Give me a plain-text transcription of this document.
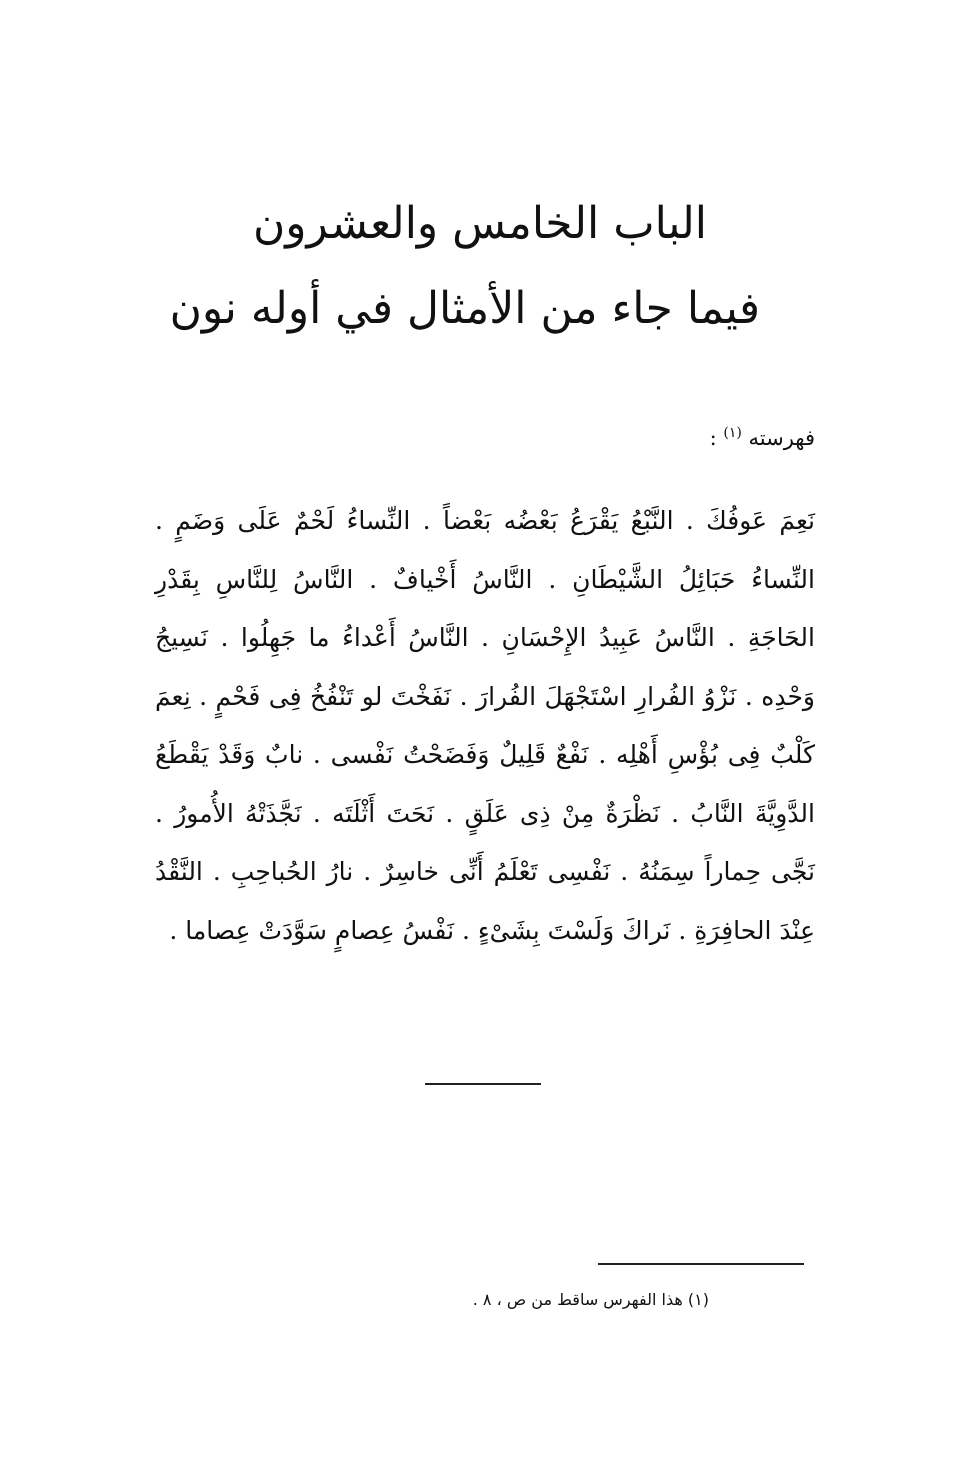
الباب الخامس والعشرون
فيما جاء من الأمثال في أوله نون
فهرسته $^{(١)}$ :

نَعِمَ عَوفُكَ . النَّبْعُ يَقْرَعُ بَعْضُه بَعْضاً . النِّساءُ لَحْمٌ عَلَى وَضَمٍ . النِّساءُ حَبَائِلُ الشَّيْطَانِ . النَّاسُ أَخْيافٌ . النَّاسُ لِلنَّاسِ بِقَدْرِ الحَاجَةِ . النَّاسُ عَبِيدُ الإِحْسَانِ . النَّاسُ أَعْداءُ ما جَهِلُوا . نَسِيجُ وَحْدِه . نَزْوُ الفُرارِ اسْتَجْهَلَ الفُرارَ . نَفَخْتَ لو تَنْفُخُ فِى فَحْمٍ . نِعمَ كَلْبٌ فِى بُؤْسِ أَهْلِه . نَفْعٌ قَلِيلٌ وَفَضَحْتُ نَفْسى . نابٌ وَقَدْ يَقْطَعُ الدَّوِيَّةَ النَّابُ . نَظْرَةٌ مِنْ ذِى عَلَقٍ . نَحَتَ أَثْلَتَه . نَجَّذَتْهُ الأُمورُ . نَجَّى حِماراً سِمَنُهُ . نَفْسِى تَعْلَمُ أَنِّى خاسِرٌ . نارُ الحُباحِبِ . النَّقْدُ عِنْدَ الحافِرَةِ . نَراكَ وَلَسْتَ بِشَىْءٍ . نَفْسُ عِصامٍ سَوَّدَتْ عِصاما .

(١) هذا الفهرس ساقط من ص ، ٨ .
